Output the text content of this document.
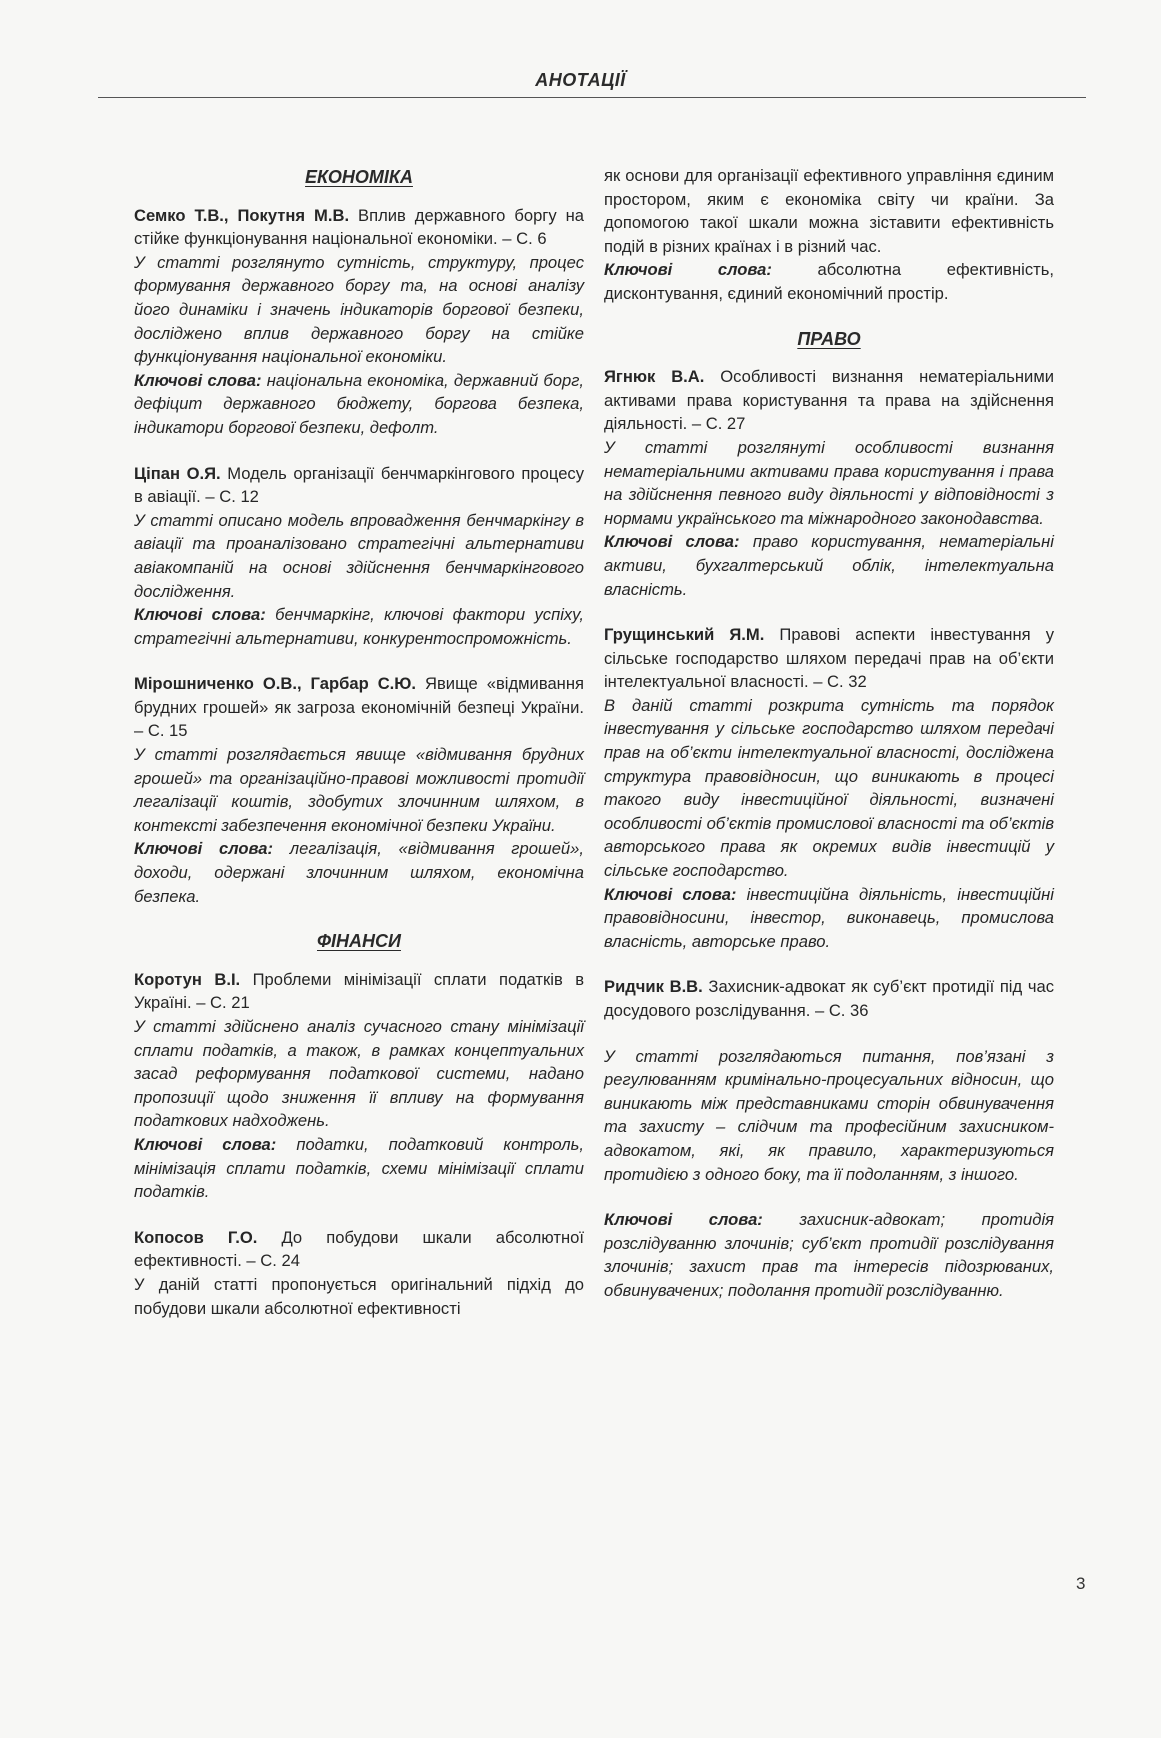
АНОТАЦІЇ
ЕКОНОМІКА

Семко Т.В., Покутня М.В. Вплив державного боргу на стійке функціонування національної економіки. – С. 6

У статті розглянуто сутність, структуру, процес формування державного боргу та, на основі аналізу його динаміки і значень індикаторів боргової безпеки, досліджено вплив державного боргу на стійке функціонування національної економіки.

Ключові слова: національна економіка, державний борг, дефіцит державного бюджету, боргова безпека, індикатори боргової безпеки, дефолт.

Ціпан О.Я. Модель організації бенчмаркінгового процесу в авіації. – С. 12

У статті описано модель впровадження бенчмаркінгу в авіації та проаналізовано стратегічні альтернативи авіакомпаній на основі здійснення бенчмаркінгового дослідження.

Ключові слова: бенчмаркінг, ключові фактори успіху, стратегічні альтернативи, конкурентоспроможність.

Мірошниченко О.В., Гарбар С.Ю. Явище «відмивання брудних грошей» як загроза економічній безпеці України. – С. 15

У статті розглядається явище «відмивання брудних грошей» та організаційно-правові можливості протидії легалізації коштів, здобутих злочинним шляхом, в контексті забезпечення економічної безпеки України.

Ключові слова: легалізація, «відмивання грошей», доходи, одержані злочинним шляхом, економічна безпека.

ФІНАНСИ

Коротун В.І. Проблеми мінімізації сплати податків в Україні. – С. 21

У статті здійснено аналіз сучасного стану мінімізації сплати податків, а також, в рамках концептуальних засад реформування податкової системи, надано пропозиції щодо зниження її впливу на формування податкових надходжень.

Ключові слова: податки, податковий контроль, мінімізація сплати податків, схеми мінімізації сплати податків.

Копосов Г.О. До побудови шкали абсолютної ефективності. – С. 24

У даній статті пропонується оригінальний підхід до побудови шкали абсолютної ефективності

як основи для організації ефективного управління єдиним простором, яким є економіка світу чи країни. За допомогою такої шкали можна зіставити ефективність подій в різних країнах і в різний час.

Ключові слова: абсолютна ефективність, дисконтування, єдиний економічний простір.

ПРАВО

Ягнюк В.А. Особливості визнання нематеріальними активами права користування та права на здійснення діяльності. – С. 27

У статті розглянуті особливості визнання нематеріальними активами права користування і права на здійснення певного виду діяльності у відповідності з нормами українського та міжнародного законодавства.

Ключові слова: право користування, нематеріальні активи, бухгалтерський облік, інтелектуальна власність.

Грущинський Я.М. Правові аспекти інвестування у сільське господарство шляхом передачі прав на об’єкти інтелектуальної власності. – С. 32

В даній статті розкрита сутність та порядок інвестування у сільське господарство шляхом передачі прав на об’єкти інтелектуальної власності, досліджена структура правовідносин, що виникають в процесі такого виду інвестиційної діяльності, визначені особливості об’єктів промислової власності та об’єктів авторського права як окремих видів інвестицій у сільське господарство.

Ключові слова: інвестиційна діяльність, інвестиційні правовідносини, інвестор, виконавець, промислова власність, авторське право.

Ридчик В.В. Захисник-адвокат як суб’єкт протидії під час досудового розслідування. – С. 36

У статті розглядаються питання, пов’язані з регулюванням кримінально-процесуальних відносин, що виникають між представниками сторін обвинувачення та захисту – слідчим та професійним захисником-адвокатом, які, як правило, характеризуються протидією з одного боку, та її подоланням, з іншого.

Ключові слова: захисник-адвокат; протидія розслідуванню злочинів; суб’єкт протидії розслідування злочинів; захист прав та інтересів підозрюваних, обвинувачених; подолання протидії розслідуванню.

3
